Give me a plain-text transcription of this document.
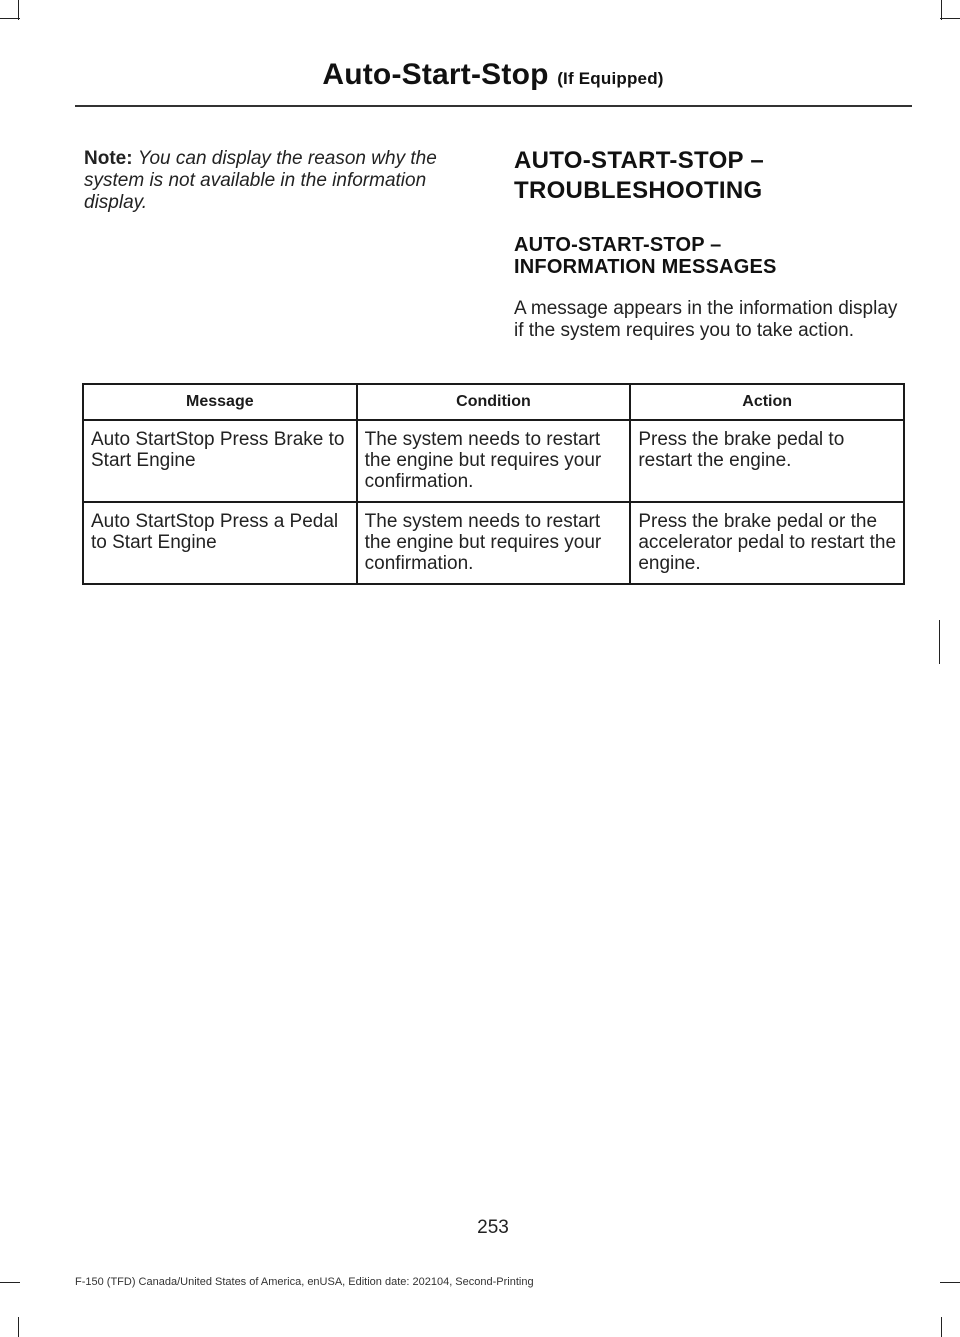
Auto-Start-Stop (If Equipped)
Note: You can display the reason why the system is not available in the information display.
AUTO-START-STOP –
TROUBLESHOOTING
AUTO-START-STOP –
INFORMATION MESSAGES
A message appears in the information display if the system requires you to take action.
Message	Condition	Action
Auto StartStop Press Brake to Start Engine	The system needs to restart the engine but requires your confirmation.	Press the brake pedal to restart the engine.
Auto StartStop Press a Pedal to Start Engine	The system needs to restart the engine but requires your confirmation.	Press the brake pedal or the accelerator pedal to restart the engine.
253
F-150 (TFD) Canada/United States of America, enUSA, Edition date: 202104, Second-Printing
